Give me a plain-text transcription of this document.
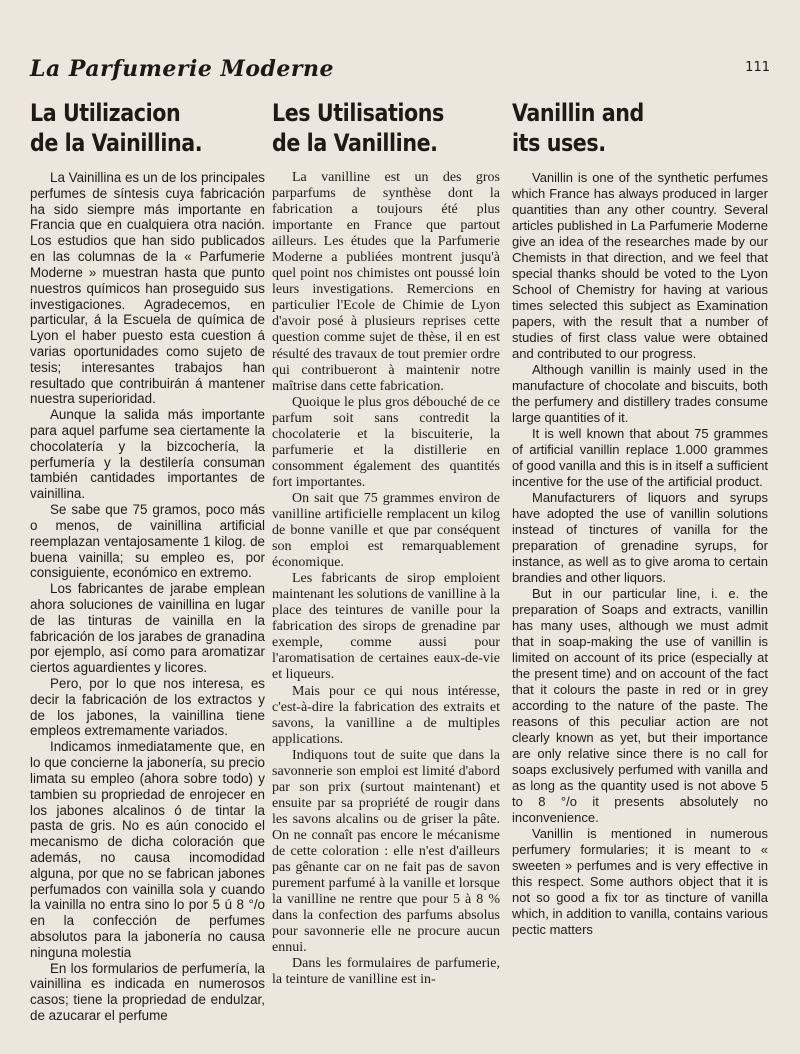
La Parfumerie Moderne	111
La Utilizacion
de la Vainillina.

La Vainillina es un de los principales perfumes de síntesis cuya fabricación ha sido siempre más importante en Francia que en cualquiera otra nación. Los estudios que han sido publicados en las columnas de la « Parfumerie Moderne » muestran hasta que punto nuestros químicos han proseguido sus investigaciones. Agradecemos, en particular, á la Escuela de química de Lyon el haber puesto esta cuestion á varias oportunidades como sujeto de tesis; interesantes trabajos han resultado que contribuirán á mantener nuestra superioridad.

Aunque la salida más importante para aquel parfume sea ciertamente la chocolatería y la bizcochería, la perfumería y la destilería consuman también cantidades importantes de vainillina.

Se sabe que 75 gramos, poco más o menos, de vainillina artificial reemplazan ventajosamente 1 kilog. de buena vainilla; su empleo es, por consiguiente, económico en extremo.

Los fabricantes de jarabe emplean ahora soluciones de vainillina en lugar de las tinturas de vainilla en la fabricación de los jarabes de granadina por ejemplo, así como para aromatizar ciertos aguardientes y licores.

Pero, por lo que nos interesa, es decir la fabricación de los extractos y de los jabones, la vainillina tiene empleos extremamente variados.

Indicamos inmediatamente que, en lo que concierne la jabonería, su precio limata su empleo (ahora sobre todo) y tambien su propriedad de enrojecer en los jabones alcalinos ó de tintar la pasta de gris. No es aún conocido el mecanismo de dicha coloración que además, no causa incomodidad alguna, por que no se fabrican jabones perfumados con vainilla sola y cuando la vainilla no entra sino lo por 5 ú 8 °/o en la confección de perfumes absolutos para la jabonería no causa ninguna molestia

En los formularios de perfumería, la vainillina es indicada en numerosos casos; tiene la propriedad de endulzar, de azucarar el perfume

Les Utilisations
de la Vanilline.

La vanilline est un des gros parparfums de synthèse dont la fabrication a toujours été plus importante en France que partout ailleurs. Les études que la Parfumerie Moderne a publiées montrent jusqu'à quel point nos chimistes ont poussé loin leurs investigations. Remercions en particulier l'Ecole de Chimie de Lyon d'avoir posé à plusieurs reprises cette question comme sujet de thèse, il en est résulté des travaux de tout premier ordre qui contribueront à maintenir notre maîtrise dans cette fabrication.

Quoique le plus gros débouché de ce parfum soit sans contredit la chocolaterie et la biscuiterie, la parfumerie et la distillerie en consomment également des quantités fort importantes.

On sait que 75 grammes environ de vanilline artificielle remplacent un kilog de bonne vanille et que par conséquent son emploi est remarquablement économique.

Les fabricants de sirop emploient maintenant les solutions de vanilline à la place des teintures de vanille pour la fabrication des sirops de grenadine par exemple, comme aussi pour l'aromatisation de certaines eaux-de-vie et liqueurs.

Mais pour ce qui nous intéresse, c'est-à-dire la fabrication des extraits et savons, la vanilline a de multiples applications.

Indiquons tout de suite que dans la savonnerie son emploi est limité d'abord par son prix (surtout maintenant) et ensuite par sa propriété de rougir dans les savons alcalins ou de griser la pâte. On ne connaît pas encore le mécanisme de cette coloration : elle n'est d'ailleurs pas gênante car on ne fait pas de savon purement parfumé à la vanille et lorsque la vanilline ne rentre que pour 5 à 8 % dans la confection des parfums absolus pour savonnerie elle ne procure aucun ennui.

Dans les formulaires de parfumerie, la teinture de vanilline est in-

Vanillin and
its uses.

Vanillin is one of the synthetic perfumes which France has always produced in larger quantities than any other country. Several articles published in La Parfumerie Moderne give an idea of the researches made by our Chemists in that direction, and we feel that special thanks should be voted to the Lyon School of Chemistry for having at various times selected this subject as Examination papers, with the result that a number of studies of first class value were obtained and contributed to our progress.

Although vanillin is mainly used in the manufacture of chocolate and biscuits, both the perfumery and distillery trades consume large quantities of it.

It is well known that about 75 grammes of artificial vanillin replace 1.000 grammes of good vanilla and this is in itself a sufficient incentive for the use of the artificial product.

Manufacturers of liquors and syrups have adopted the use of vanillin solutions instead of tinctures of vanilla for the preparation of grenadine syrups, for instance, as well as to give aroma to certain brandies and other liquors.

But in our particular line, i. e. the preparation of Soaps and extracts, vanillin has many uses, although we must admit that in soap-making the use of vanillin is limited on account of its price (especially at the present time) and on account of the fact that it colours the paste in red or in grey according to the nature of the paste. The reasons of this peculiar action are not clearly known as yet, but their importance are only relative since there is no call for soaps exclusively perfumed with vanilla and as long as the quantity used is not above 5 to 8 °/o it presents absolutely no inconvenience.

Vanillin is mentioned in numerous perfumery formularies; it is meant to « sweeten » perfumes and is very effective in this respect. Some authors object that it is not so good a fix tor as tincture of vanilla which, in addition to vanilla, contains various pectic matters
